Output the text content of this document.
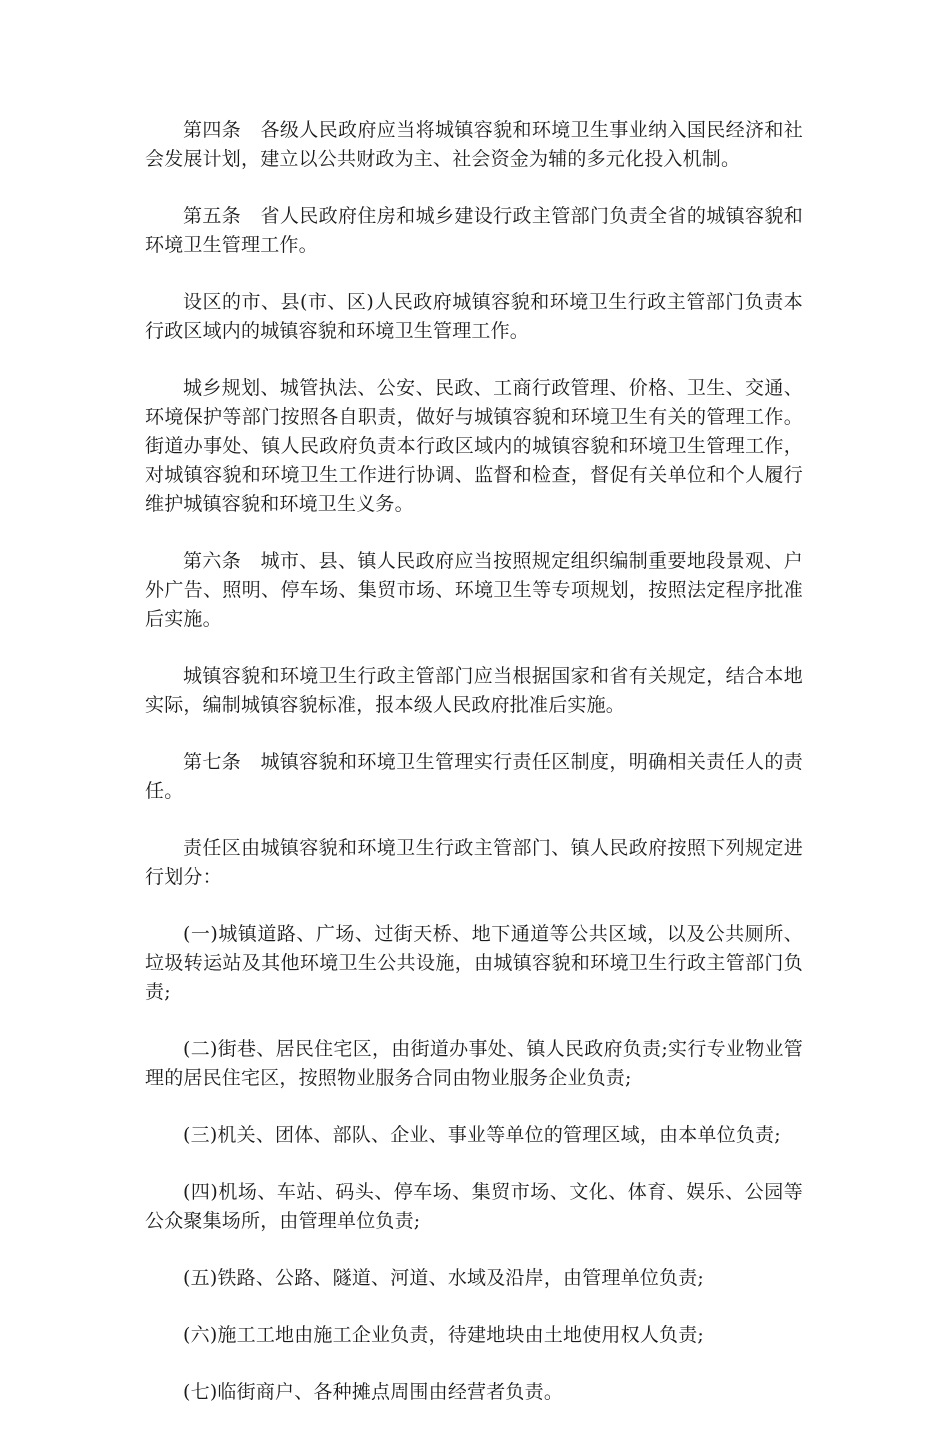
第四条　各级人民政府应当将城镇容貌和环境卫生事业纳入国民经济和社会发展计划，建立以公共财政为主、社会资金为辅的多元化投入机制。

第五条　省人民政府住房和城乡建设行政主管部门负责全省的城镇容貌和环境卫生管理工作。

设区的市、县(市、区)人民政府城镇容貌和环境卫生行政主管部门负责本行政区域内的城镇容貌和环境卫生管理工作。

城乡规划、城管执法、公安、民政、工商行政管理、价格、卫生、交通、环境保护等部门按照各自职责，做好与城镇容貌和环境卫生有关的管理工作。街道办事处、镇人民政府负责本行政区域内的城镇容貌和环境卫生管理工作，对城镇容貌和环境卫生工作进行协调、监督和检查，督促有关单位和个人履行维护城镇容貌和环境卫生义务。

第六条　城市、县、镇人民政府应当按照规定组织编制重要地段景观、户外广告、照明、停车场、集贸市场、环境卫生等专项规划，按照法定程序批准后实施。

城镇容貌和环境卫生行政主管部门应当根据国家和省有关规定，结合本地实际，编制城镇容貌标准，报本级人民政府批准后实施。

第七条　城镇容貌和环境卫生管理实行责任区制度，明确相关责任人的责任。

责任区由城镇容貌和环境卫生行政主管部门、镇人民政府按照下列规定进行划分：

(一)城镇道路、广场、过街天桥、地下通道等公共区域，以及公共厕所、垃圾转运站及其他环境卫生公共设施，由城镇容貌和环境卫生行政主管部门负责;

(二)街巷、居民住宅区，由街道办事处、镇人民政府负责;实行专业物业管理的居民住宅区，按照物业服务合同由物业服务企业负责;

(三)机关、团体、部队、企业、事业等单位的管理区域，由本单位负责;

(四)机场、车站、码头、停车场、集贸市场、文化、体育、娱乐、公园等公众聚集场所，由管理单位负责;

(五)铁路、公路、隧道、河道、水域及沿岸，由管理单位负责;

(六)施工工地由施工企业负责，待建地块由土地使用权人负责;

(七)临街商户、各种摊点周围由经营者负责。
